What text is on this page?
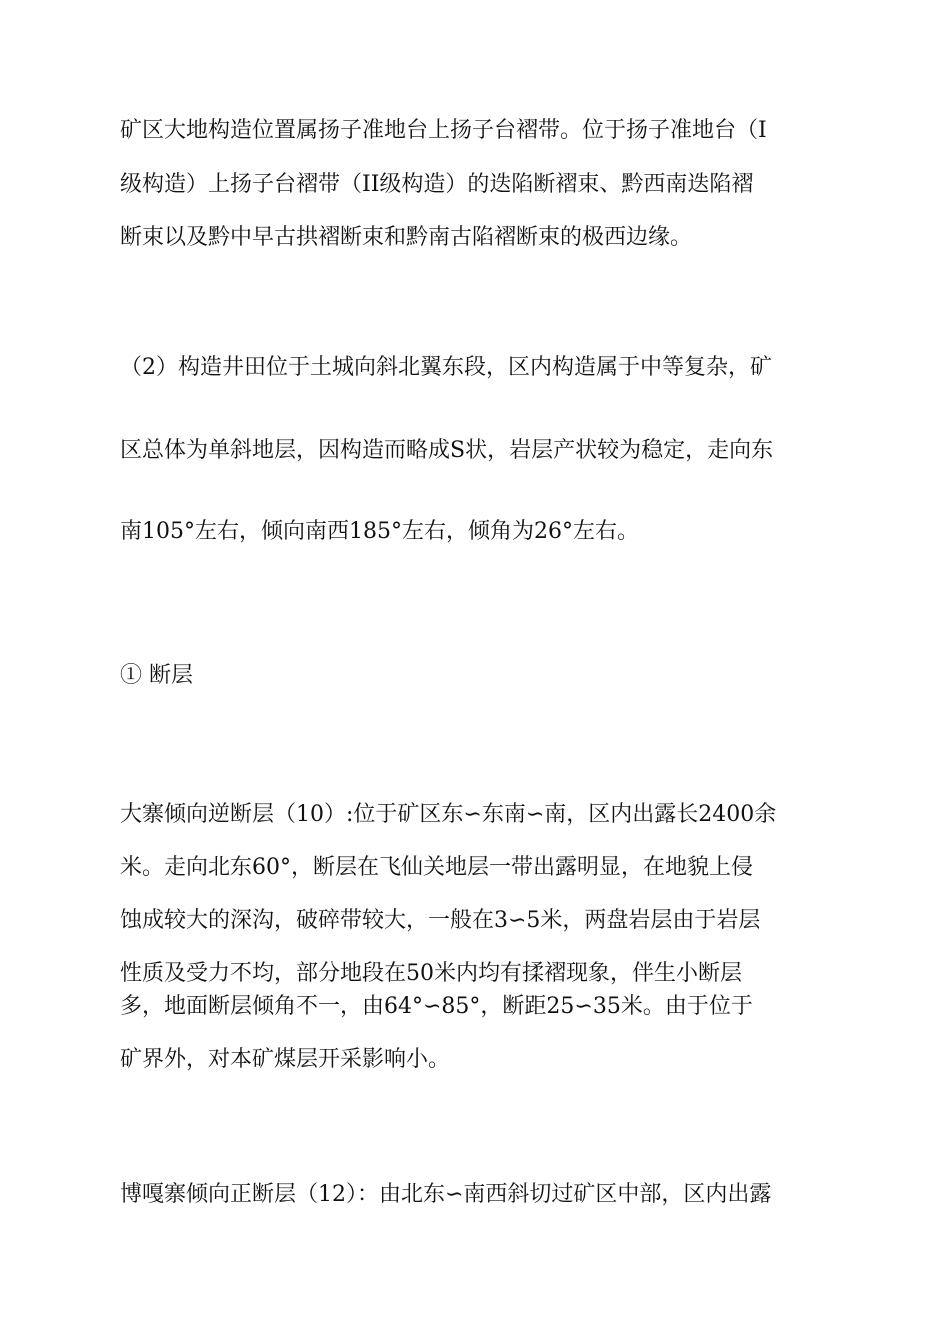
矿区大地构造位置属扬子准地台上扬子台褶带。位于扬子准地台（I
级构造）上扬子台褶带（II级构造）的迭陷断褶束、黔西南迭陷褶
断束以及黔中早古拱褶断束和黔南古陷褶断束的极西边缘。
（2）构造井田位于土城向斜北翼东段，区内构造属于中等复杂，矿
区总体为单斜地层，因构造而略成S状，岩层产状较为稳定，走向东
南105°左右，倾向南西185°左右，倾角为26°左右。
① 断层
大寨倾向逆断层（10）:位于矿区东∽东南∽南，区内出露长2400余
米。走向北东60°，断层在飞仙关地层一带出露明显，在地貌上侵
蚀成较大的深沟，破碎带较大，一般在3∽5米，两盘岩层由于岩层
性质及受力不均，部分地段在50米内均有揉褶现象，伴生小断层
多，地面断层倾角不一，由64°∽85°，断距25∽35米。由于位于
矿界外，对本矿煤层开采影响小。
博嘎寨倾向正断层（12）：由北东∽南西斜切过矿区中部，区内出露
